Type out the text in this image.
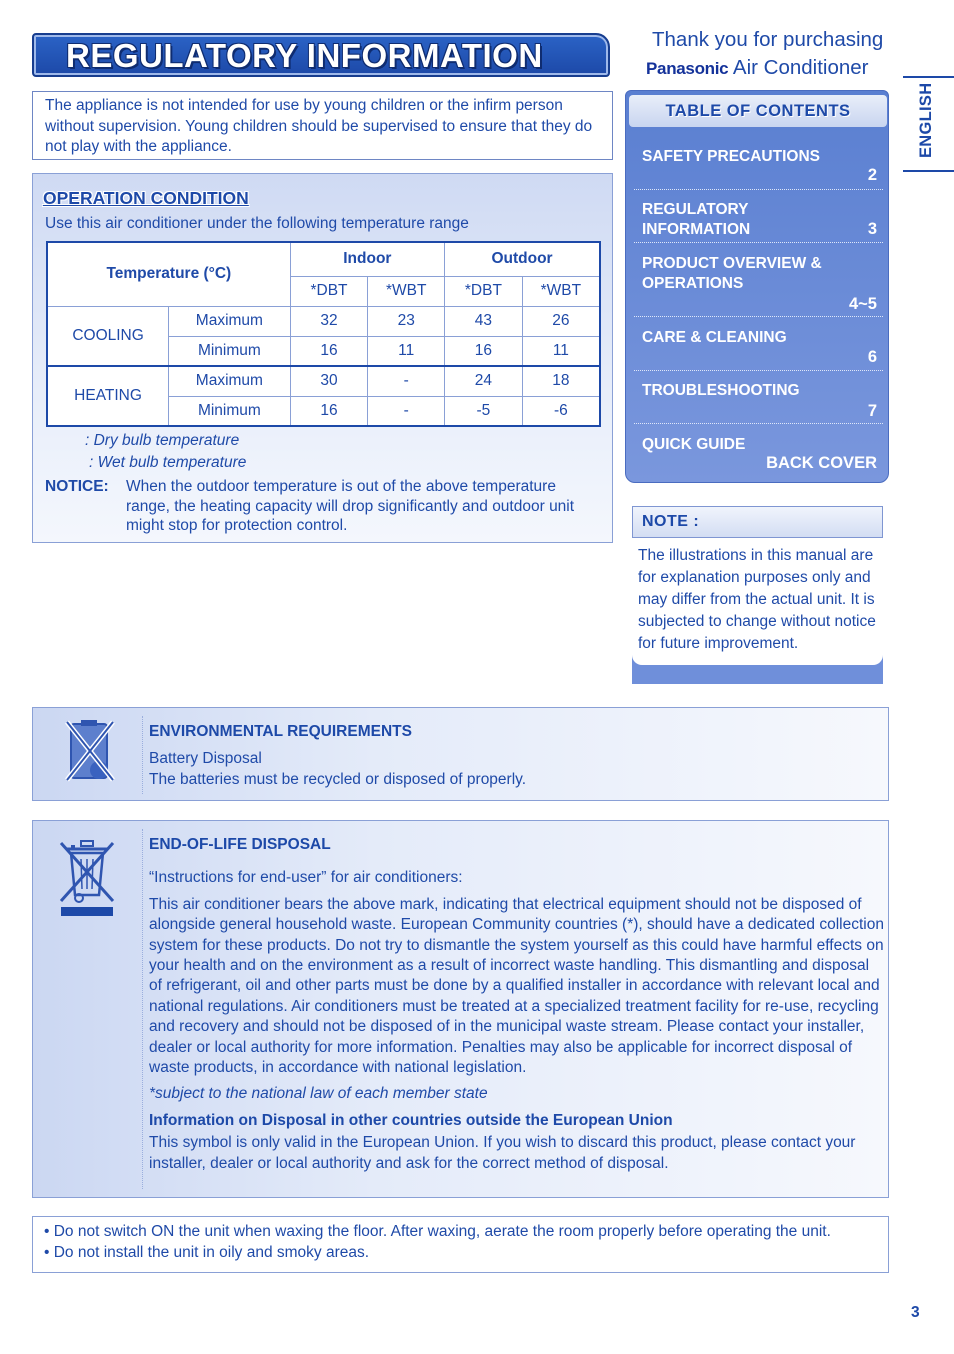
REGULATORY INFORMATION
The appliance is not intended for use by young children or the infirm person without supervision. Young children should be supervised to ensure that they do not play with the appliance.
OPERATION CONDITION
Use this air conditioner under the following temperature range
Temperature (°C)		Indoor		Outdoor	
		*DBT	*WBT	*DBT	*WBT
COOLING	Maximum	32	23	43	26
	Minimum	16	11	16	11
HEATING	Maximum	30	-	24	18
	Minimum	16	-	-5	-6
: Dry bulb temperature
: Wet bulb temperature
NOTICE: When the outdoor temperature is out of the above temperature range, the heating capacity will drop significantly and outdoor unit might stop for protection control.
Thank you for purchasing
Panasonic Air Conditioner
ENGLISH
TABLE OF CONTENTS
SAFETY PRECAUTIONS
2
REGULATORY INFORMATION	3
PRODUCT OVERVIEW & OPERATIONS
4~5
CARE & CLEANING
6
TROUBLESHOOTING
7
QUICK GUIDE
BACK COVER
NOTE :
The illustrations in this manual are for explanation purposes only and may differ from the actual unit. It is subjected to change without notice for future improvement.
ENVIRONMENTAL REQUIREMENTS
Battery Disposal
The batteries must be recycled or disposed of properly.
END-OF-LIFE DISPOSAL
“Instructions for end-user” for air conditioners:
This air conditioner bears the above mark, indicating that electrical equipment should not be disposed of alongside general household waste. European Community countries (*), should have a dedicated collection system for these products. Do not try to dismantle the system yourself as this could have harmful effects on your health and on the environment as a result of incorrect waste handling. This dismantling and disposal of refrigerant, oil and other parts must be done by a qualified installer in accordance with relevant local and national regulations. Air conditioners must be treated at a specialized treatment facility for re-use, recycling and recovery and should not be disposed of in the municipal waste stream. Please contact your installer, dealer or local authority for more information. Penalties may also be applicable for incorrect disposal of waste products, in accordance with national legislation.
*subject to the national law of each member state
Information on Disposal in other countries outside the European Union
This symbol is only valid in the European Union. If you wish to discard this product, please contact your installer, dealer or local authority and ask for the correct method of disposal.
• Do not switch ON the unit when waxing the floor. After waxing, aerate the room properly before operating the unit.
• Do not install the unit in oily and smoky areas.
3
